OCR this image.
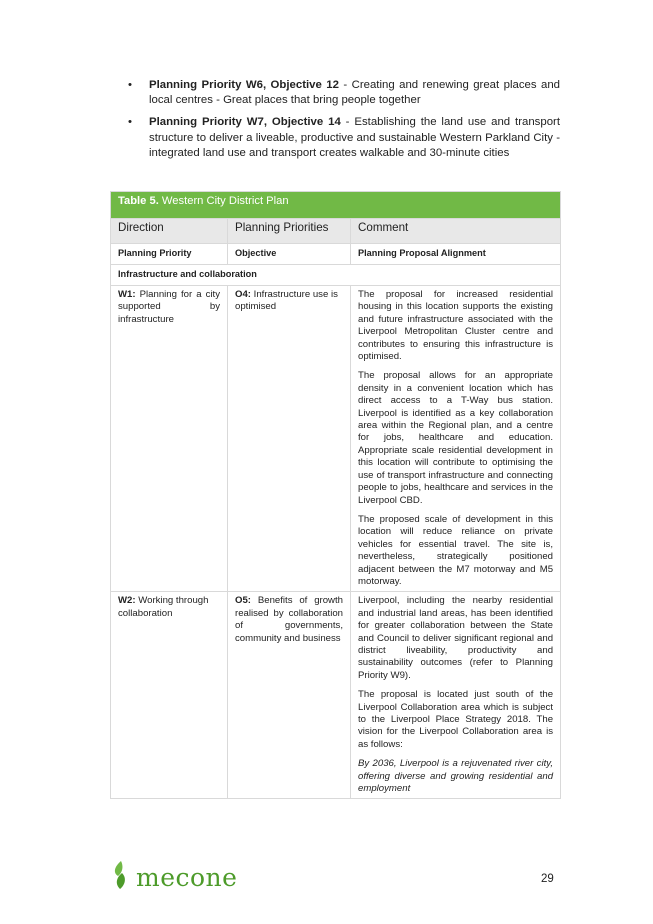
• Planning Priority W6, Objective 12 - Creating and renewing great places and local centres - Great places that bring people together
• Planning Priority W7, Objective 14 - Establishing the land use and transport structure to deliver a liveable, productive and sustainable Western Parkland City - integrated land use and transport creates walkable and 30-minute cities
Table 5. Western City District Plan		
Direction	Planning Priorities	Comment
Planning Priority	Objective	Planning Proposal Alignment
Infrastructure and collaboration		
W1: Planning for a city supported by infrastructure	O4: Infrastructure use is optimised	The proposal for increased residential housing in this location supports the existing and future infrastructure associated with the Liverpool Metropolitan Cluster centre and contributes to ensuring this infrastructure is optimised.

The proposal allows for an appropriate density in a convenient location which has direct access to a T-Way bus station. Liverpool is identified as a key collaboration area within the Regional plan, and a centre for jobs, healthcare and education. Appropriate scale residential development in this location will contribute to optimising the use of transport infrastructure and connecting people to jobs, healthcare and services in the Liverpool CBD.

The proposed scale of development in this location will reduce reliance on private vehicles for essential travel. The site is, nevertheless, strategically positioned adjacent between the M7 motorway and M5 motorway.

W2: Working through collaboration	O5: Benefits of growth realised by collaboration of governments, community and business	Liverpool, including the nearby residential and industrial land areas, has been identified for greater collaboration between the State and Council to deliver significant regional and district liveability, productivity and sustainability outcomes (refer to Planning Priority W9).

The proposal is located just south of the Liverpool Collaboration area which is subject to the Liverpool Place Strategy 2018. The vision for the Liverpool Collaboration area is as follows:

By 2036, Liverpool is a rejuvenated river city, offering diverse and growing residential and employment

mecone	29
